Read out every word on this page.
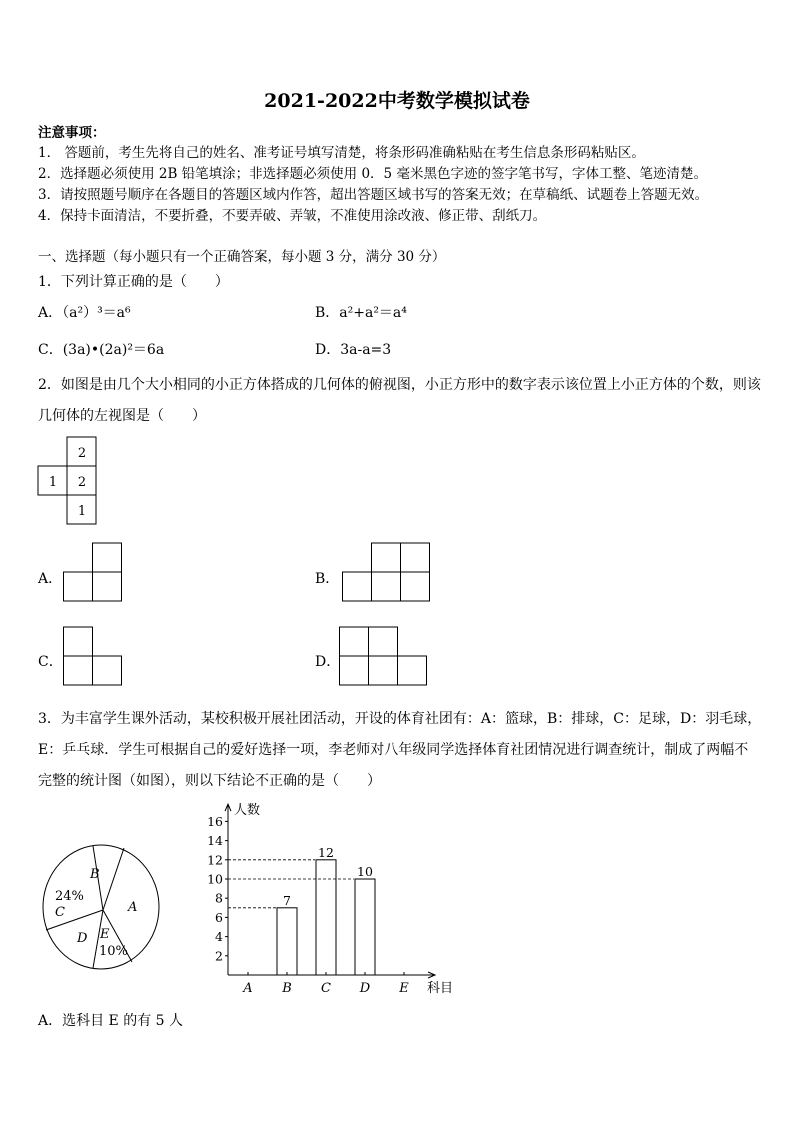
2021-2022中考数学模拟试卷
注意事项：
1． 答题前，考生先将自己的姓名、准考证号填写清楚，将条形码准确粘贴在考生信息条形码粘贴区。
2．选择题必须使用 2B 铅笔填涂；非选择题必须使用 0．5 毫米黑色字迹的签字笔书写，字体工整、笔迹清楚。
3．请按照题号顺序在各题目的答题区域内作答，超出答题区域书写的答案无效；在草稿纸、试题卷上答题无效。
4．保持卡面清洁，不要折叠，不要弄破、弄皱，不准使用涂改液、修正带、刮纸刀。
一、选择题（每小题只有一个正确答案，每小题 3 分，满分 30 分）
1．下列计算正确的是（　　）
A．（a²）³＝a⁶	B．a²+a²＝a⁴
C．(3a)•(2a)²＝6a	D．3a-a=3
2．如图是由几个大小相同的小正方体搭成的几何体的俯视图，小正方形中的数字表示该位置上小正方体的个数，则该
几何体的左视图是（　　）
2
1 2
1
A．	B．
C．	D．
3．为丰富学生课外活动，某校积极开展社团活动，开设的体育社团有：A：篮球，B：排球，C：足球，D：羽毛球，
E：乒乓球．学生可根据自己的爱好选择一项，李老师对八年级同学选择体育社团情况进行调查统计，制成了两幅不
完整的统计图（如图），则以下结论不正确的是（　　）
B
A
24%
C
D E
10%	2
4
6
8
10
12
14
16
人数
科目
A B
7
C
12
D
10
E
A．选科目 E 的有 5 人
